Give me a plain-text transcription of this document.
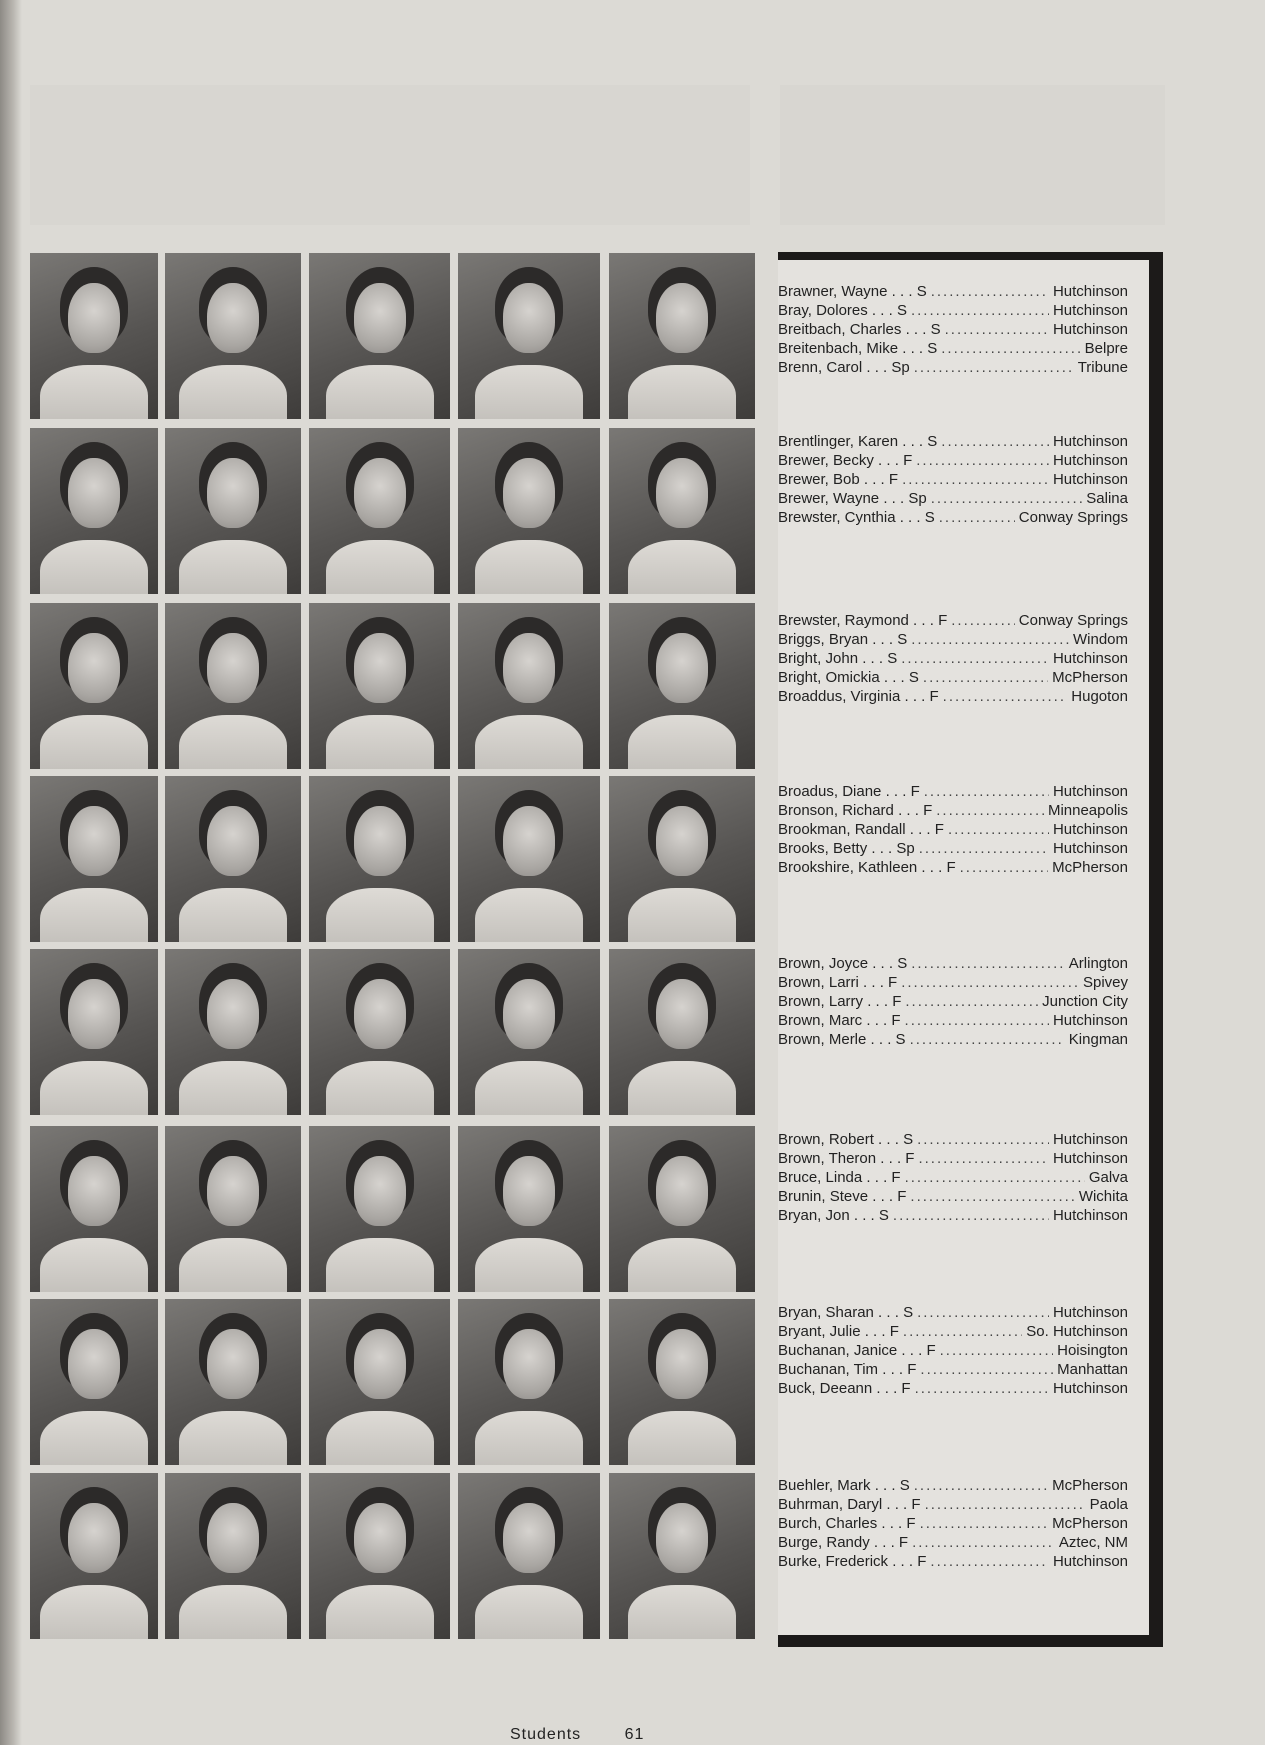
Brawner, Wayne . . . S .....	Hutchinson
Bray, Dolores . . . S .....	Hutchinson
Breitbach, Charles . . . S .....	Hutchinson
Breitenbach, Mike . . . S .....	Belpre
Brenn, Carol . . . Sp .....	Tribune
Brentlinger, Karen . . . S .....	Hutchinson
Brewer, Becky . . . F .....	Hutchinson
Brewer, Bob . . . F .....	Hutchinson
Brewer, Wayne . . . Sp .....	Salina
Brewster, Cynthia . . . S .....	Conway Springs
Brewster, Raymond . . . F .....	Conway Springs
Briggs, Bryan . . . S .....	Windom
Bright, John . . . S .....	Hutchinson
Bright, Omickia . . . S .....	McPherson
Broaddus, Virginia . . . F .....	Hugoton
Broadus, Diane . . . F .....	Hutchinson
Bronson, Richard . . . F .....	Minneapolis
Brookman, Randall . . . F .....	Hutchinson
Brooks, Betty . . . Sp .....	Hutchinson
Brookshire, Kathleen . . . F .....	McPherson
Brown, Joyce . . . S .....	Arlington
Brown, Larri . . . F .....	Spivey
Brown, Larry . . . F .....	Junction City
Brown, Marc . . . F .....	Hutchinson
Brown, Merle . . . S .....	Kingman
Brown, Robert . . . S .....	Hutchinson
Brown, Theron . . . F .....	Hutchinson
Bruce, Linda . . . F .....	Galva
Brunin, Steve . . . F .....	Wichita
Bryan, Jon . . . S .....	Hutchinson
Bryan, Sharan . . . S .....	Hutchinson
Bryant, Julie . . . F .....	So. Hutchinson
Buchanan, Janice . . . F .....	Hoisington
Buchanan, Tim . . . F .....	Manhattan
Buck, Deeann . . . F .....	Hutchinson
Buehler, Mark . . . S .....	McPherson
Buhrman, Daryl . . . F .....	Paola
Burch, Charles . . . F .....	McPherson
Burge, Randy . . . F .....	Aztec, NM
Burke, Frederick . . . F .....	Hutchinson
Students	61
